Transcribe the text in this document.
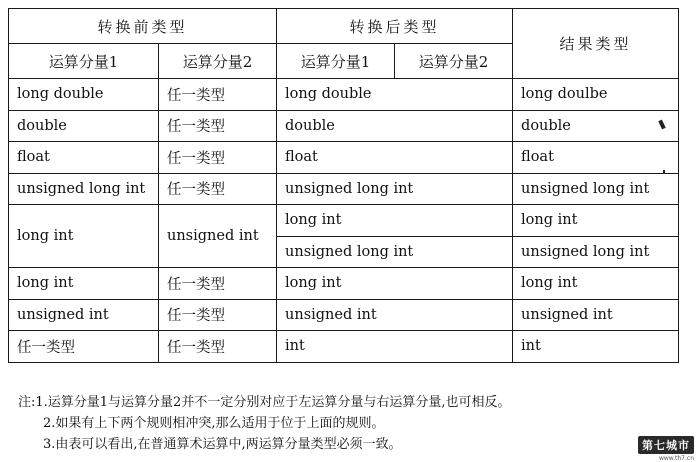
转换前类型		转换后类型		结果类型
运算分量1	运算分量2	运算分量1	运算分量2	
long double	任一类型	long double		long doulbe
double	任一类型	double		double
float	任一类型	float		float
unsigned long int	任一类型	unsigned long int		unsigned long int
long int	unsigned int	long int		long int
		unsigned long int		unsigned long int
long int	任一类型	long int		long int
unsigned int	任一类型	unsigned int		unsigned int
任一类型	任一类型	int		int
注:1.运算分量1与运算分量2并不一定分别对应于左运算分量与右运算分量,也可相反。
2.如果有上下两个规则相冲突,那么适用于位于上面的规则。
3.由表可以看出,在普通算术运算中,两运算分量类型必须一致。	第七城市
www.th7.cn
